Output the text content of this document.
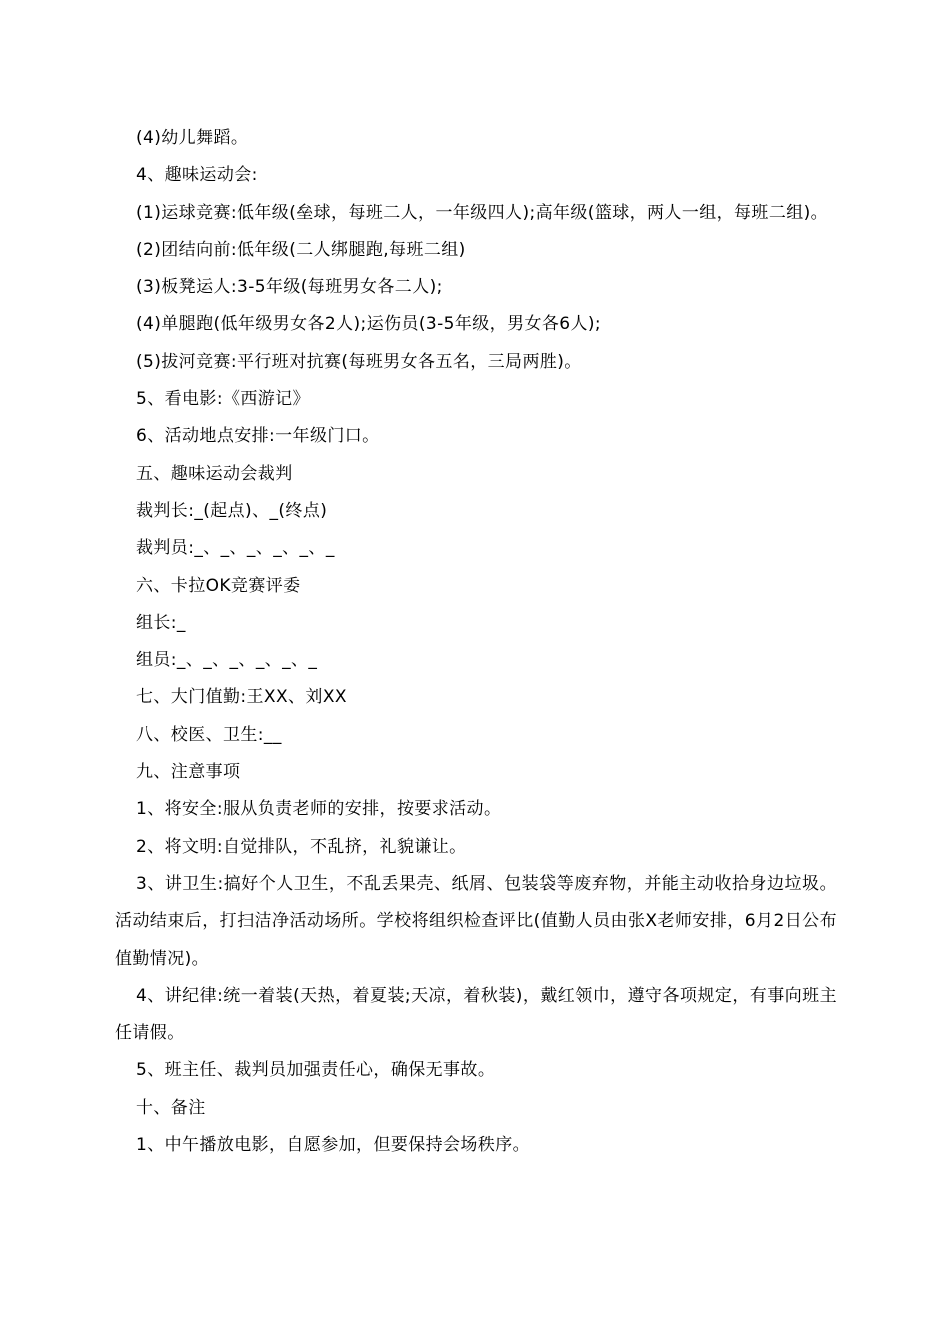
(4)幼儿舞蹈。

4、趣味运动会:

(1)运球竞赛:低年级(垒球，每班二人，一年级四人);高年级(篮球，两人一组，每班二组)。

(2)团结向前:低年级(二人绑腿跑,每班二组)

(3)板凳运人:3-5年级(每班男女各二人);

(4)单腿跑(低年级男女各2人);运伤员(3-5年级，男女各6人);

(5)拔河竞赛:平行班对抗赛(每班男女各五名，三局两胜)。

5、看电影:《西游记》

6、活动地点安排:一年级门口。

五、趣味运动会裁判

裁判长:_(起点)、_(终点)

裁判员:_、_、_、_、_、_

六、卡拉OK竞赛评委

组长:_

组员:_、_、_、_、_、_

七、大门值勤:王XX、刘XX

八、校医、卫生:__

九、注意事项

1、将安全:服从负责老师的安排，按要求活动。

2、将文明:自觉排队，不乱挤，礼貌谦让。

3、讲卫生:搞好个人卫生，不乱丢果壳、纸屑、包装袋等废弃物，并能主动收拾身边垃圾。活动结束后，打扫洁净活动场所。学校将组织检查评比(值勤人员由张X老师安排，6月2日公布值勤情况)。

4、讲纪律:统一着装(天热，着夏装;天凉，着秋装)，戴红领巾，遵守各项规定，有事向班主任请假。

5、班主任、裁判员加强责任心，确保无事故。

十、备注

1、中午播放电影，自愿参加，但要保持会场秩序。
